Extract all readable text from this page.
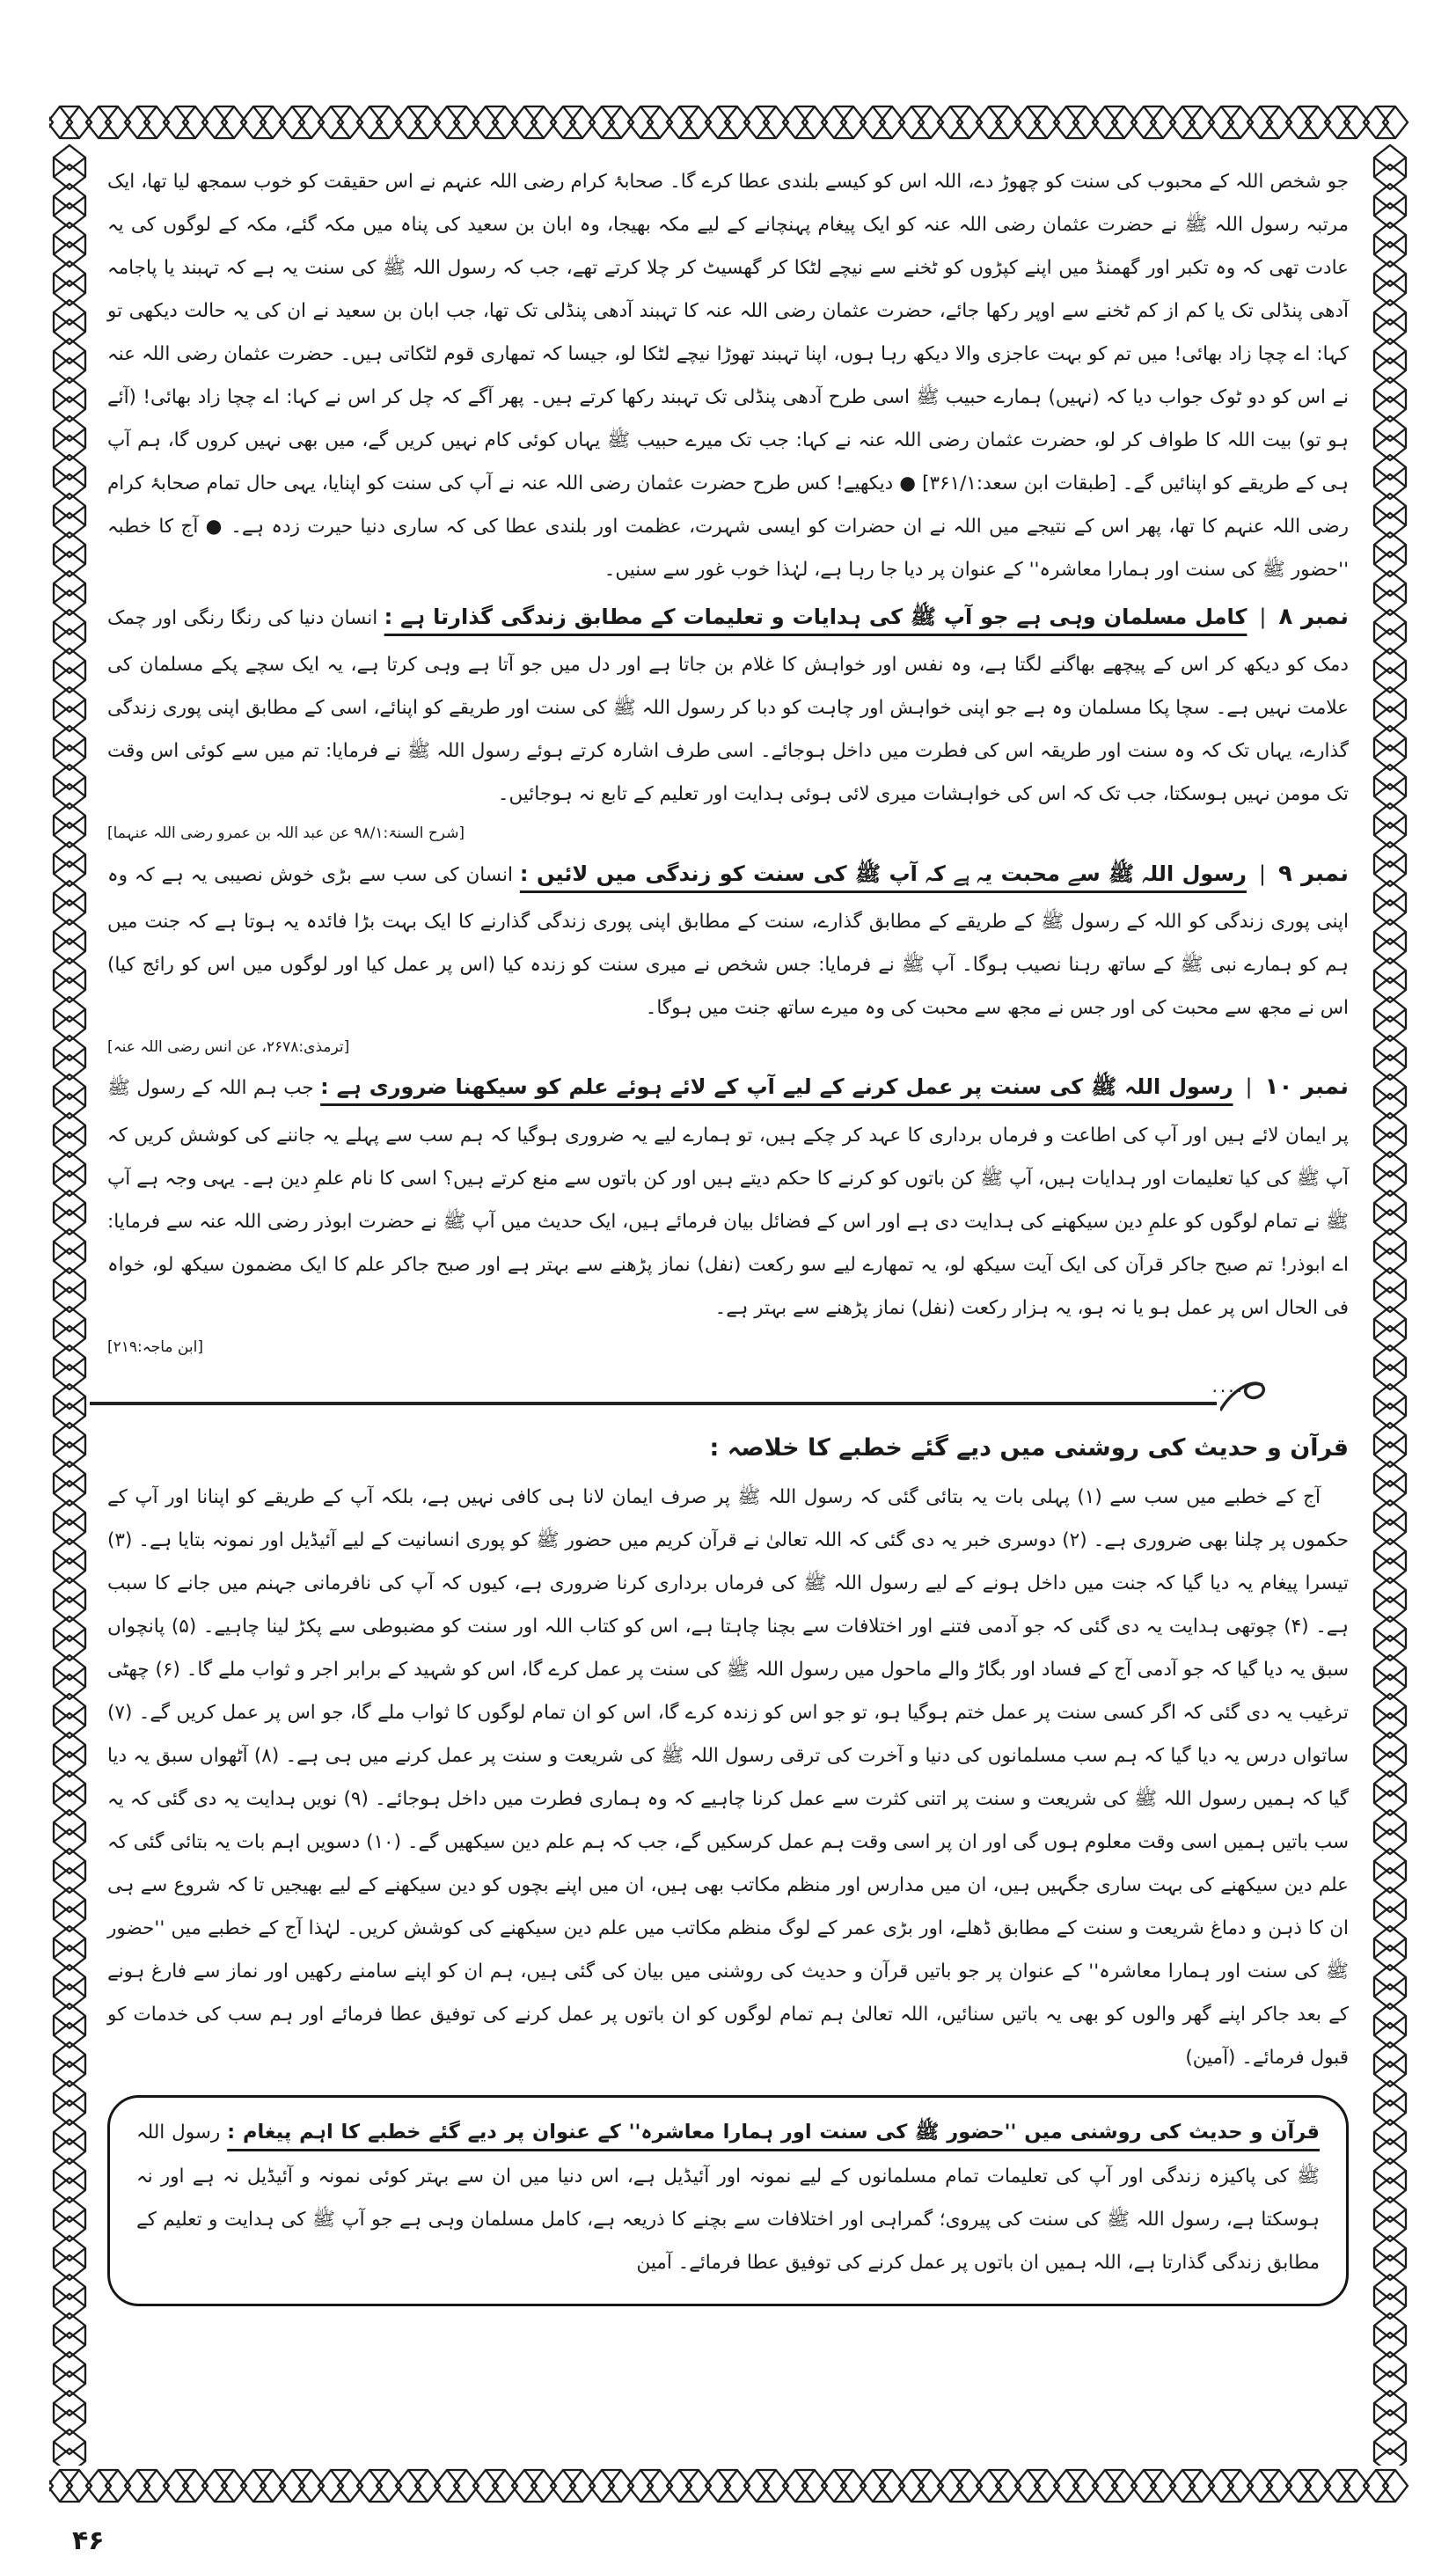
جو شخص اللہ کے محبوب کی سنت کو چھوڑ دے، اللہ اس کو کیسے بلندی عطا کرے گا۔ صحابۂ کرام رضی اللہ عنہم نے اس حقیقت کو خوب سمجھ لیا تھا، ایک مرتبہ رسول اللہ ﷺ نے حضرت عثمان رضی اللہ عنہ کو ایک پیغام پہنچانے کے لیے مکہ بھیجا، وہ ابان بن سعید کی پناہ میں مکہ گئے، مکہ کے لوگوں کی یہ عادت تھی کہ وہ تکبر اور گھمنڈ میں اپنے کپڑوں کو ٹخنے سے نیچے لٹکا کر گھسیٹ کر چلا کرتے تھے، جب کہ رسول اللہ ﷺ کی سنت یہ ہے کہ تہبند یا پاجامہ آدھی پنڈلی تک یا کم از کم ٹخنے سے اوپر رکھا جائے، حضرت عثمان رضی اللہ عنہ کا تہبند آدھی پنڈلی تک تھا، جب ابان بن سعید نے ان کی یہ حالت دیکھی تو کہا: اے چچا زاد بھائی! میں تم کو بہت عاجزی والا دیکھ رہا ہوں، اپنا تہبند تھوڑا نیچے لٹکا لو، جیسا کہ تمھاری قوم لٹکاتی ہیں۔ حضرت عثمان رضی اللہ عنہ نے اس کو دو ٹوک جواب دیا کہ (نہیں) ہمارے حبیب ﷺ اسی طرح آدھی پنڈلی تک تہبند رکھا کرتے ہیں۔ پھر آگے کہ چل کر اس نے کہا: اے چچا زاد بھائی! (آئے ہو تو) بیت اللہ کا طواف کر لو، حضرت عثمان رضی اللہ عنہ نے کہا: جب تک میرے حبیب ﷺ یہاں کوئی کام نہیں کریں گے، میں بھی نہیں کروں گا، ہم آپ ہی کے طریقے کو اپنائیں گے۔ [طبقات ابن سعد:۳۶۱/۱] ● دیکھیے! کس طرح حضرت عثمان رضی اللہ عنہ نے آپ کی سنت کو اپنایا، یہی حال تمام صحابۂ کرام رضی اللہ عنہم کا تھا، پھر اس کے نتیجے میں اللہ نے ان حضرات کو ایسی شہرت، عظمت اور بلندی عطا کی کہ ساری دنیا حیرت زدہ ہے۔ ● آج کا خطبہ ''حضور ﷺ کی سنت اور ہمارا معاشرہ'' کے عنوان پر دیا جا رہا ہے، لہٰذا خوب غور سے سنیں۔

نمبر ۸|کامل مسلمان وہی ہے جو آپ ﷺ کی ہدایات و تعلیمات کے مطابق زندگی گذارتا ہے : انسان دنیا کی رنگا رنگی اور چمک دمک کو دیکھ کر اس کے پیچھے بھاگنے لگتا ہے، وہ نفس اور خواہش کا غلام بن جاتا ہے اور دل میں جو آتا ہے وہی کرتا ہے، یہ ایک سچے پکے مسلمان کی علامت نہیں ہے۔ سچا پکا مسلمان وہ ہے جو اپنی خواہش اور چاہت کو دبا کر رسول اللہ ﷺ کی سنت اور طریقے کو اپنائے، اسی کے مطابق اپنی پوری زندگی گذارے، یہاں تک کہ وہ سنت اور طریقہ اس کی فطرت میں داخل ہوجائے۔ اسی طرف اشارہ کرتے ہوئے رسول اللہ ﷺ نے فرمایا: تم میں سے کوئی اس وقت تک مومن نہیں ہوسکتا، جب تک کہ اس کی خواہشات میری لائی ہوئی ہدایت اور تعلیم کے تابع نہ ہوجائیں۔
[شرح السنۃ:۹۸/۱ عن عبد اللہ بن عمرو رضی اللہ عنہما]

نمبر ۹|رسول اللہ ﷺ سے محبت یہ ہے کہ آپ ﷺ کی سنت کو زندگی میں لائیں : انسان کی سب سے بڑی خوش نصیبی یہ ہے کہ وہ اپنی پوری زندگی کو اللہ کے رسول ﷺ کے طریقے کے مطابق گذارے، سنت کے مطابق اپنی پوری زندگی گذارنے کا ایک بہت بڑا فائدہ یہ ہوتا ہے کہ جنت میں ہم کو ہمارے نبی ﷺ کے ساتھ رہنا نصیب ہوگا۔ آپ ﷺ نے فرمایا: جس شخص نے میری سنت کو زندہ کیا (اس پر عمل کیا اور لوگوں میں اس کو رائج کیا) اس نے مجھ سے محبت کی اور جس نے مجھ سے محبت کی وہ میرے ساتھ جنت میں ہوگا۔
[ترمذی:۲۶۷۸، عن انس رضی اللہ عنہ]

نمبر ۱۰|رسول اللہ ﷺ کی سنت پر عمل کرنے کے لیے آپ کے لائے ہوئے علم کو سیکھنا ضروری ہے : جب ہم اللہ کے رسول ﷺ پر ایمان لائے ہیں اور آپ کی اطاعت و فرماں برداری کا عہد کر چکے ہیں، تو ہمارے لیے یہ ضروری ہوگیا کہ ہم سب سے پہلے یہ جاننے کی کوشش کریں کہ آپ ﷺ کی کیا تعلیمات اور ہدایات ہیں، آپ ﷺ کن باتوں کو کرنے کا حکم دیتے ہیں اور کن باتوں سے منع کرتے ہیں؟ اسی کا نام علمِ دین ہے۔ یہی وجہ ہے آپ ﷺ نے تمام لوگوں کو علمِ دین سیکھنے کی ہدایت دی ہے اور اس کے فضائل بیان فرمائے ہیں، ایک حدیث میں آپ ﷺ نے حضرت ابوذر رضی اللہ عنہ سے فرمایا: اے ابوذر! تم صبح جاکر قرآن کی ایک آیت سیکھ لو، یہ تمھارے لیے سو رکعت (نفل) نماز پڑھنے سے بہتر ہے اور صبح جاکر علم کا ایک مضمون سیکھ لو، خواہ فی الحال اس پر عمل ہو یا نہ ہو، یہ ہزار رکعت (نفل) نماز پڑھنے سے بہتر ہے۔
[ابن ماجہ:۲۱۹]

....

قرآن و حدیث کی روشنی میں دیے گئے خطبے کا خلاصہ :

آج کے خطبے میں سب سے (۱) پہلی بات یہ بتائی گئی کہ رسول اللہ ﷺ پر صرف ایمان لانا ہی کافی نہیں ہے، بلکہ آپ کے طریقے کو اپنانا اور آپ کے حکموں پر چلنا بھی ضروری ہے۔ (۲) دوسری خبر یہ دی گئی کہ اللہ تعالیٰ نے قرآن کریم میں حضور ﷺ کو پوری انسانیت کے لیے آئیڈیل اور نمونہ بتایا ہے۔ (۳) تیسرا پیغام یہ دیا گیا کہ جنت میں داخل ہونے کے لیے رسول اللہ ﷺ کی فرماں برداری کرنا ضروری ہے، کیوں کہ آپ کی نافرمانی جہنم میں جانے کا سبب ہے۔ (۴) چوتھی ہدایت یہ دی گئی کہ جو آدمی فتنے اور اختلافات سے بچنا چاہتا ہے، اس کو کتاب اللہ اور سنت کو مضبوطی سے پکڑ لینا چاہیے۔ (۵) پانچواں سبق یہ دیا گیا کہ جو آدمی آج کے فساد اور بگاڑ والے ماحول میں رسول اللہ ﷺ کی سنت پر عمل کرے گا، اس کو شہید کے برابر اجر و ثواب ملے گا۔ (۶) چھٹی ترغیب یہ دی گئی کہ اگر کسی سنت پر عمل ختم ہوگیا ہو، تو جو اس کو زندہ کرے گا، اس کو ان تمام لوگوں کا ثواب ملے گا، جو اس پر عمل کریں گے۔ (۷) ساتواں درس یہ دیا گیا کہ ہم سب مسلمانوں کی دنیا و آخرت کی ترقی رسول اللہ ﷺ کی شریعت و سنت پر عمل کرنے میں ہی ہے۔ (۸) آٹھواں سبق یہ دیا گیا کہ ہمیں رسول اللہ ﷺ کی شریعت و سنت پر اتنی کثرت سے عمل کرنا چاہیے کہ وہ ہماری فطرت میں داخل ہوجائے۔ (۹) نویں ہدایت یہ دی گئی کہ یہ سب باتیں ہمیں اسی وقت معلوم ہوں گی اور ان پر اسی وقت ہم عمل کرسکیں گے، جب کہ ہم علم دین سیکھیں گے۔ (۱۰) دسویں اہم بات یہ بتائی گئی کہ علم دین سیکھنے کی بہت ساری جگہیں ہیں، ان میں مدارس اور منظم مکاتب بھی ہیں، ان میں اپنے بچوں کو دین سیکھنے کے لیے بھیجیں تا کہ شروع سے ہی ان کا ذہن و دماغ شریعت و سنت کے مطابق ڈھلے، اور بڑی عمر کے لوگ منظم مکاتب میں علم دین سیکھنے کی کوشش کریں۔ لہٰذا آج کے خطبے میں ''حضور ﷺ کی سنت اور ہمارا معاشرہ'' کے عنوان پر جو باتیں قرآن و حدیث کی روشنی میں بیان کی گئی ہیں، ہم ان کو اپنے سامنے رکھیں اور نماز سے فارغ ہونے کے بعد جاکر اپنے گھر والوں کو بھی یہ باتیں سنائیں، اللہ تعالیٰ ہم تمام لوگوں کو ان باتوں پر عمل کرنے کی توفیق عطا فرمائے اور ہم سب کی خدمات کو قبول فرمائے۔ (آمین)

قرآن و حدیث کی روشنی میں ''حضور ﷺ کی سنت اور ہمارا معاشرہ'' کے عنوان پر دیے گئے خطبے کا اہم پیغام : رسول اللہ ﷺ کی پاکیزہ زندگی اور آپ کی تعلیمات تمام مسلمانوں کے لیے نمونہ اور آئیڈیل ہے، اس دنیا میں ان سے بہتر کوئی نمونہ و آئیڈیل نہ ہے اور نہ ہوسکتا ہے، رسول اللہ ﷺ کی سنت کی پیروی؛ گمراہی اور اختلافات سے بچنے کا ذریعہ ہے، کامل مسلمان وہی ہے جو آپ ﷺ کی ہدایت و تعلیم کے مطابق زندگی گذارتا ہے، اللہ ہمیں ان باتوں پر عمل کرنے کی توفیق عطا فرمائے۔ آمین

۴۶
